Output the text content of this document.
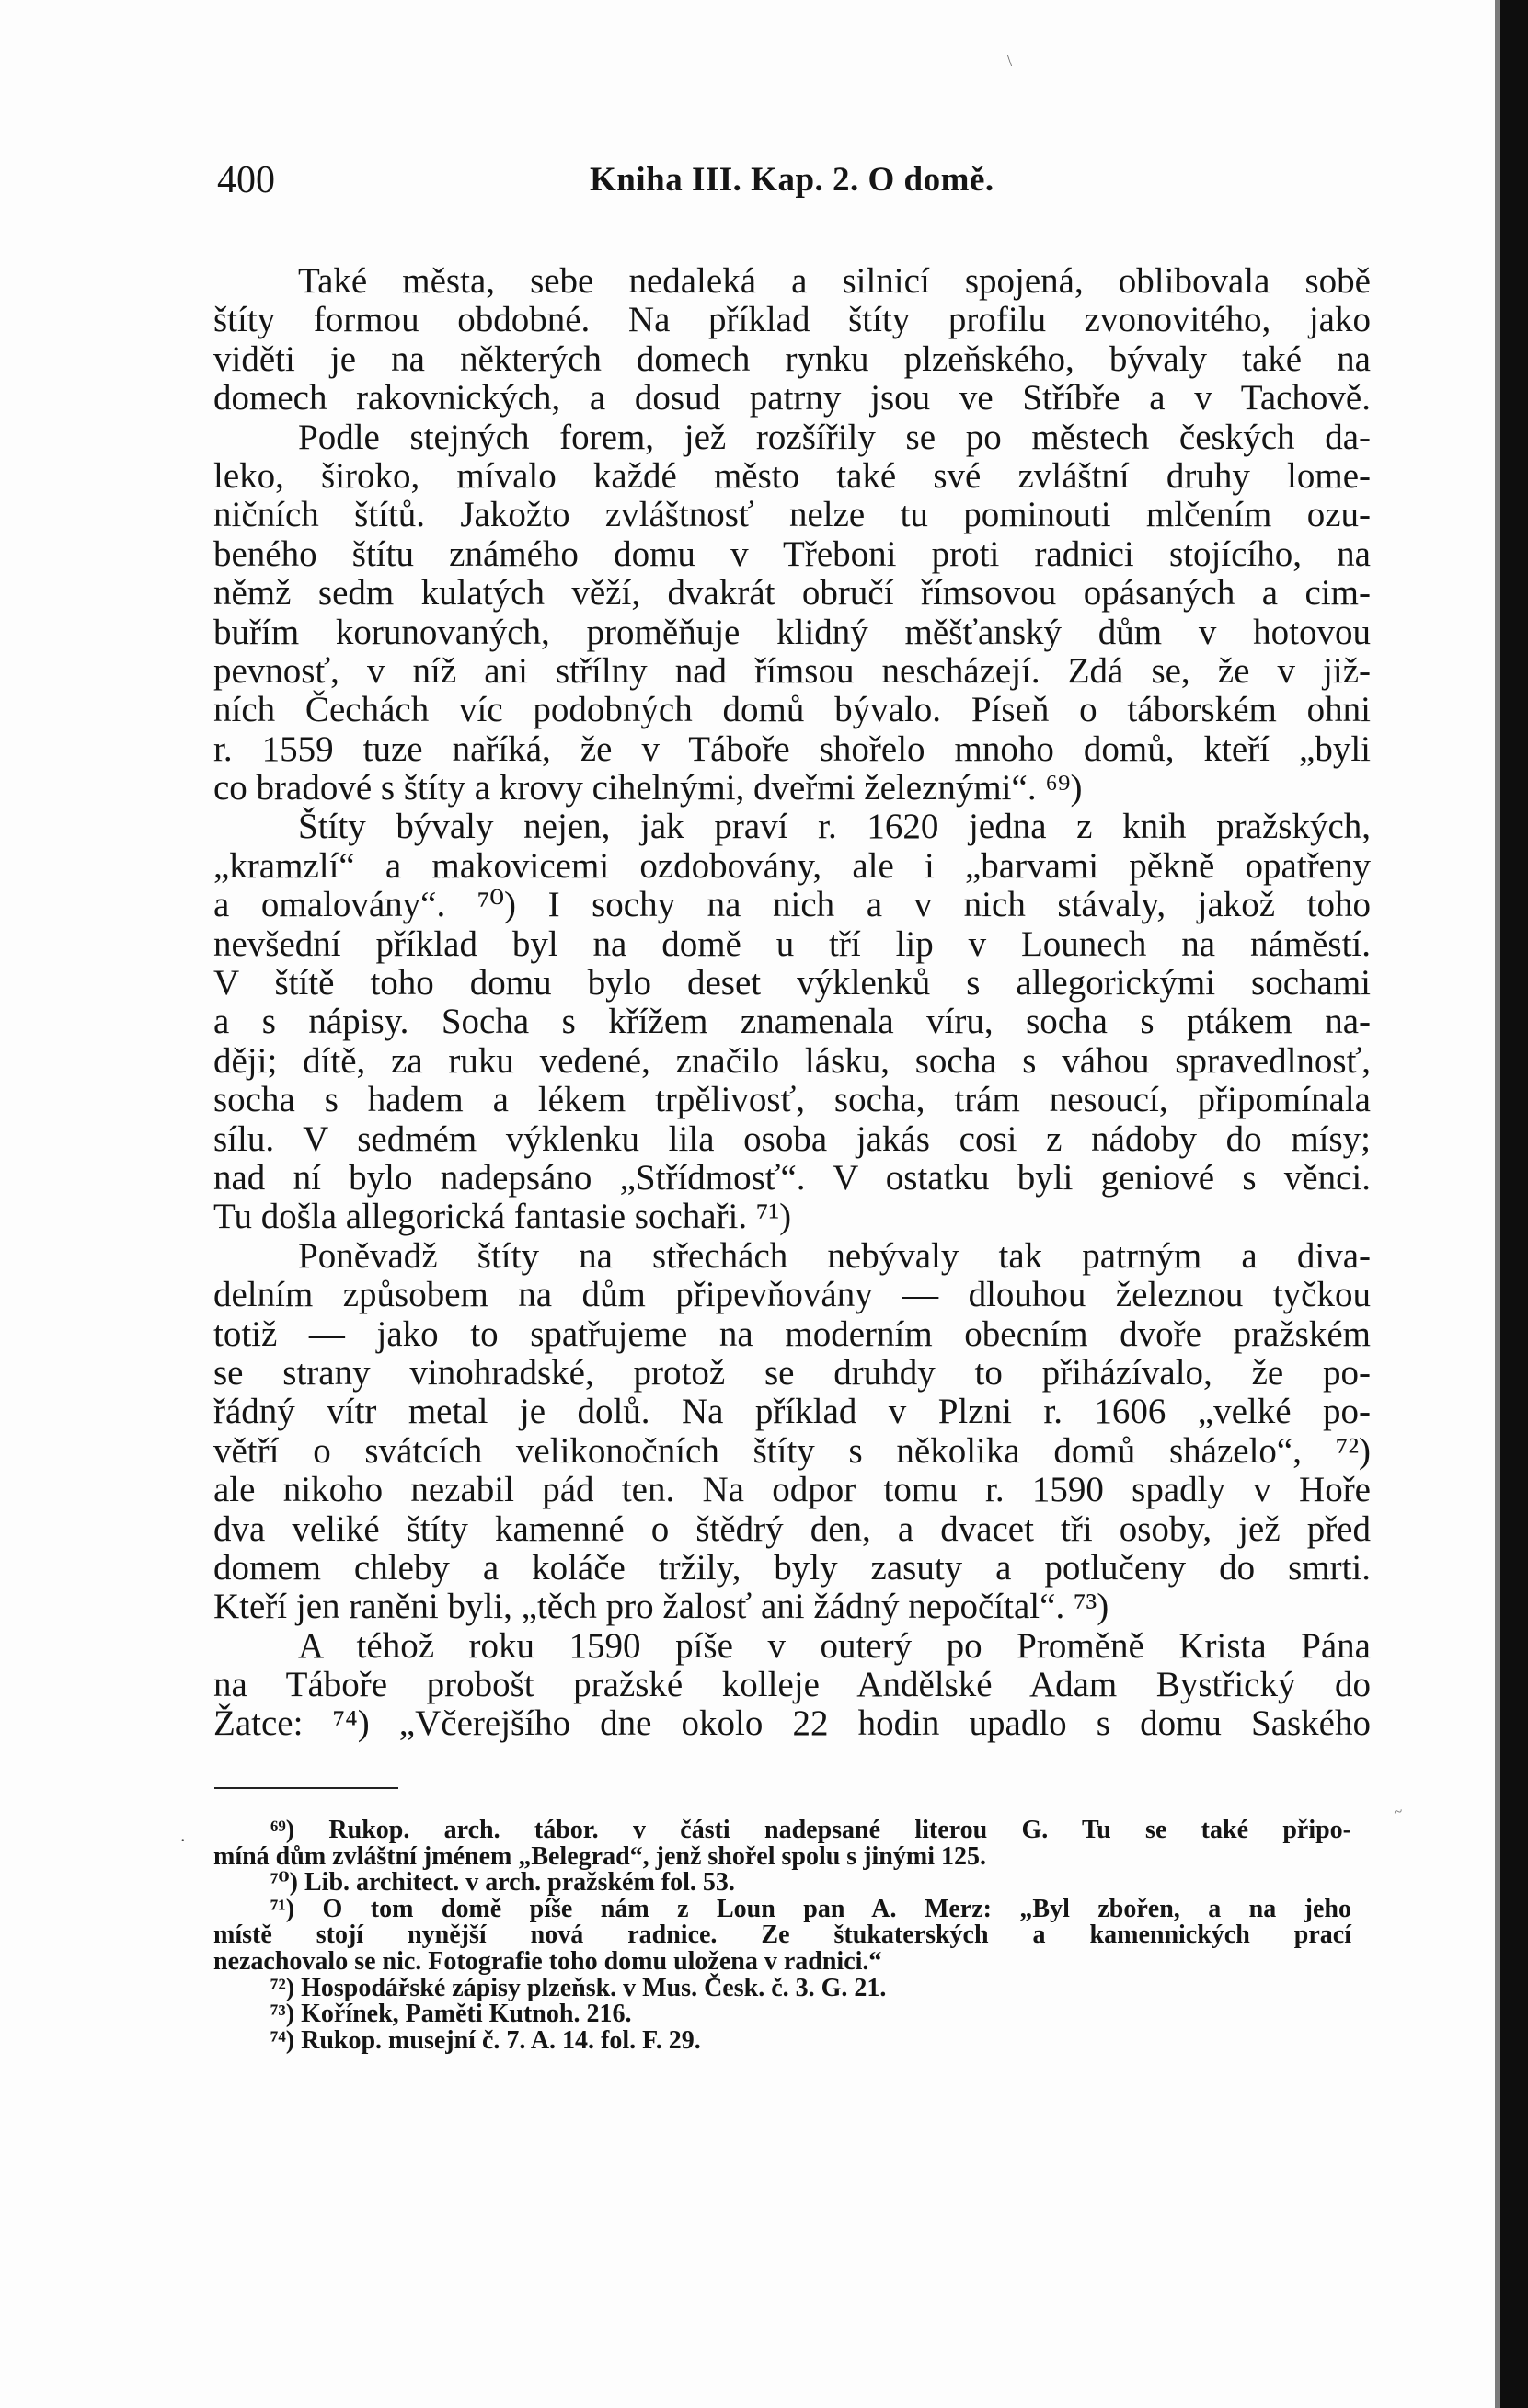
\
400	Kniha III. Kap. 2. O domě.
Také města, sebe nedaleká a silnicí spojená, oblibovala sobě
štíty formou obdobné. Na příklad štíty profilu zvonovitého, jako
viděti je na některých domech rynku plzeňského, bývaly také na
domech rakovnických, a dosud patrny jsou ve Stříbře a v Tachově.
Podle stejných forem, jež rozšířily se po městech českých da-
leko, široko, mívalo každé město také své zvláštní druhy lome-
ničních štítů. Jakožto zvláštnosť nelze tu pominouti mlčením ozu-
beného štítu známého domu v Třeboni proti radnici stojícího, na
němž sedm kulatých věží, dvakrát obručí římsovou opásaných a cim-
buřím korunovaných, proměňuje klidný měšťanský dům v hotovou
pevnosť, v níž ani střílny nad římsou nescházejí. Zdá se, že v již-
ních Čechách víc podobných domů bývalo. Píseň o táborském ohni
r. 1559 tuze naříká, že v Táboře shořelo mnoho domů, kteří „byli
co bradové s štíty a krovy cihelnými, dveřmi železnými“. ⁶⁹)
Štíty bývaly nejen, jak praví r. 1620 jedna z knih pražských,
„kramzlí“ a makovicemi ozdobovány, ale i „barvami pěkně opatřeny
a omalovány“. ⁷⁰) I sochy na nich a v nich stávaly, jakož toho
nevšední příklad byl na domě u tří lip v Lounech na náměstí.
V štítě toho domu bylo deset výklenků s allegorickými sochami
a s nápisy. Socha s křížem znamenala víru, socha s ptákem na-
ději; dítě, za ruku vedené, značilo lásku, socha s váhou spravedlnosť,
socha s hadem a lékem trpělivosť, socha, trám nesoucí, připomínala
sílu. V sedmém výklenku lila osoba jakás cosi z nádoby do mísy;
nad ní bylo nadepsáno „Střídmosť“. V ostatku byli geniové s věnci.
Tu došla allegorická fantasie sochaři. ⁷¹)
Poněvadž štíty na střechách nebývaly tak patrným a diva-
delním způsobem na dům připevňovány — dlouhou železnou tyčkou
totiž — jako to spatřujeme na moderním obecním dvoře pražském
se strany vinohradské, protož se druhdy to přiházívalo, že po-
řádný vítr metal je dolů. Na příklad v Plzni r. 1606 „velké po-
větří o svátcích velikonočních štíty s několika domů sházelo“, ⁷²)
ale nikoho nezabil pád ten. Na odpor tomu r. 1590 spadly v Hoře
dva veliké štíty kamenné o štědrý den, a dvacet tři osoby, jež před
domem chleby a koláče tržily, byly zasuty a potlučeny do smrti.
Kteří jen raněni byli, „těch pro žalosť ani žádný nepočítal“. ⁷³)
A téhož roku 1590 píše v outerý po Proměně Krista Pána
na Táboře probošt pražské kolleje Andělské Adam Bystřický do
Žatce: ⁷⁴) „Včerejšího dne okolo 22 hodin upadlo s domu Saského
.
~
⁶⁹) Rukop. arch. tábor. v části nadepsané literou G. Tu se také připo-
míná dům zvláštní jménem „Belegrad“, jenž shořel spolu s jinými 125.
⁷⁰) Lib. architect. v arch. pražském fol. 53.
⁷¹) O tom domě píše nám z Loun pan A. Merz: „Byl zbořen, a na jeho
místě stojí nynější nová radnice. Ze štukaterských a kamennických prací
nezachovalo se nic. Fotografie toho domu uložena v radnici.“
⁷²) Hospodářské zápisy plzeňsk. v Mus. Česk. č. 3. G. 21.
⁷³) Kořínek, Paměti Kutnoh. 216.
⁷⁴) Rukop. musejní č. 7. A. 14. fol. F. 29.
